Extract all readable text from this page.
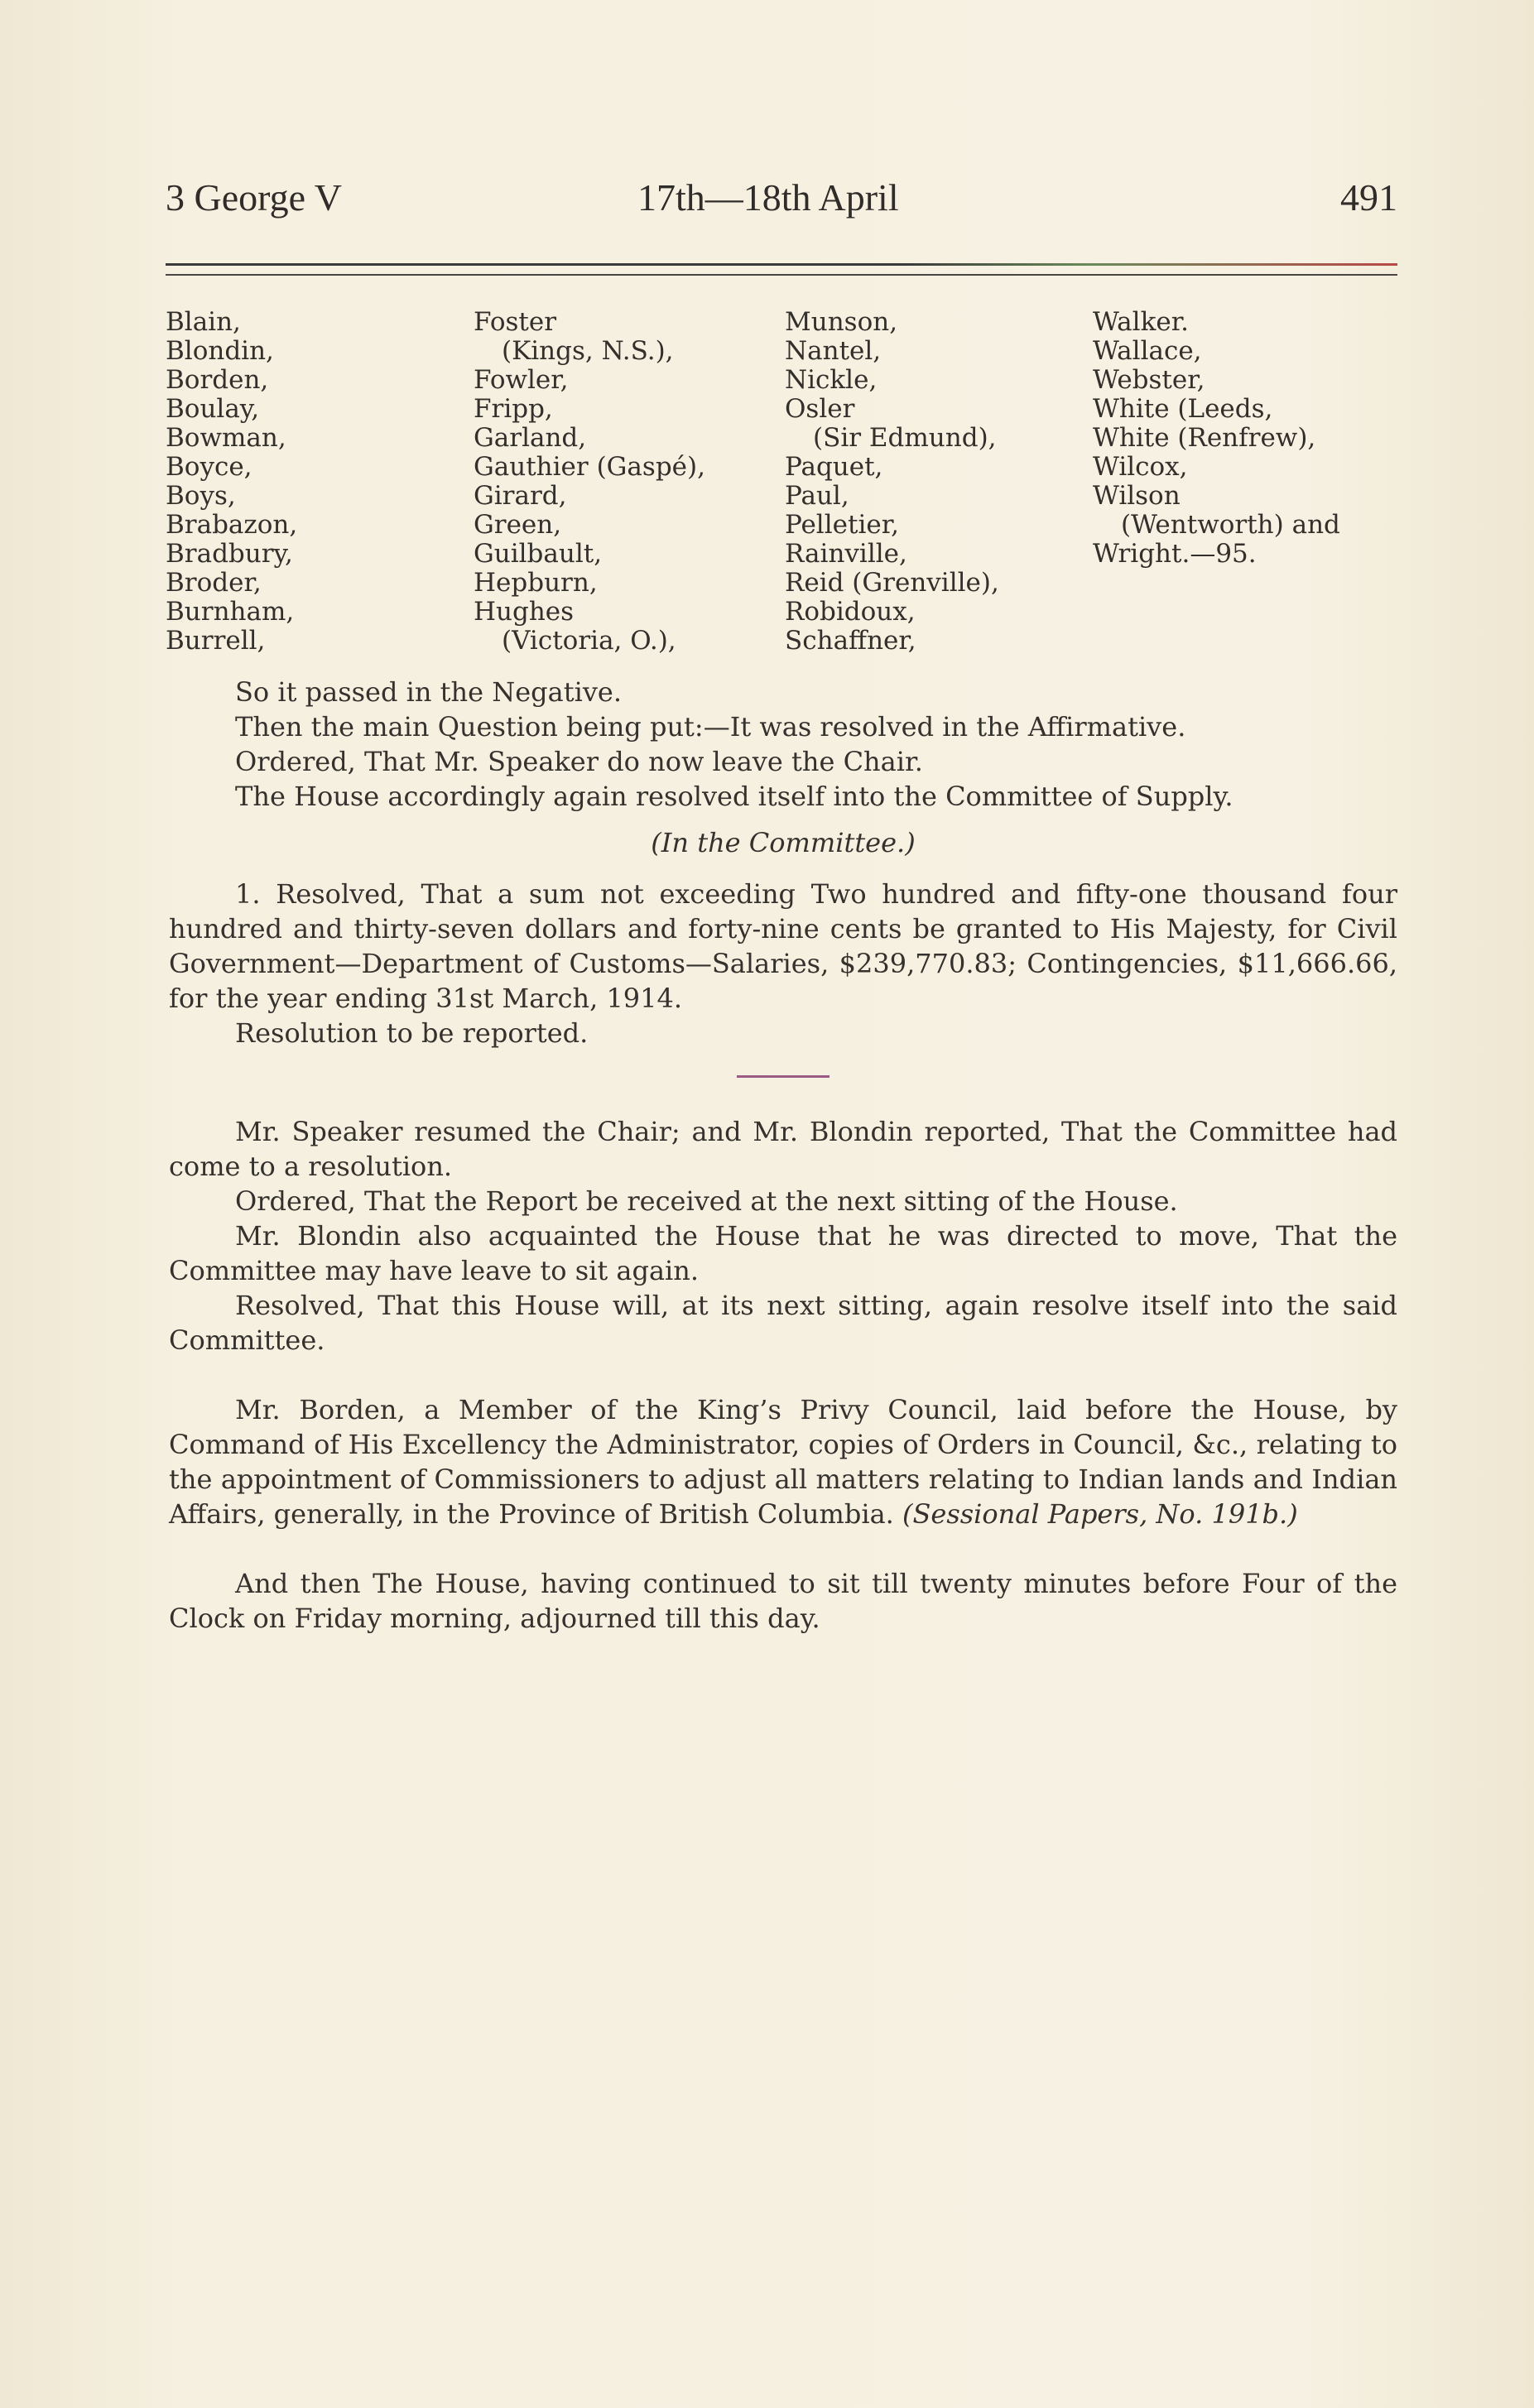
3 George V	17th—18th April	491
Blain,
Blondin,
Borden,
Boulay,
Bowman,
Boyce,
Boys,
Brabazon,
Bradbury,
Broder,
Burnham,
Burrell,
Foster
(Kings, N.S.),
Fowler,
Fripp,
Garland,
Gauthier (Gaspé),
Girard,
Green,
Guilbault,
Hepburn,
Hughes
(Victoria, O.),
Munson,
Nantel,
Nickle,
Osler
(Sir Edmund),
Paquet,
Paul,
Pelletier,
Rainville,
Reid (Grenville),
Robidoux,
Schaffner,
Walker.
Wallace,
Webster,
White (Leeds,
White (Renfrew),
Wilcox,
Wilson
(Wentworth) and
Wright.—95.

So it passed in the Negative.

Then the main Question being put:—It was resolved in the Affirmative.

Ordered, That Mr. Speaker do now leave the Chair.

The House accordingly again resolved itself into the Committee of Supply.

(In the Committee.)

1. Resolved, That a sum not exceeding Two hundred and fifty-one thousand four hundred and thirty-seven dollars and forty-nine cents be granted to His Majesty, for Civil Government—Department of Customs—Salaries, $239,770.83; Contingencies, $11,666.66, for the year ending 31st March, 1914.

Resolution to be reported.

Mr. Speaker resumed the Chair; and Mr. Blondin reported, That the Committee had come to a resolution.

Ordered, That the Report be received at the next sitting of the House.

Mr. Blondin also acquainted the House that he was directed to move, That the Committee may have leave to sit again.

Resolved, That this House will, at its next sitting, again resolve itself into the said Committee.

Mr. Borden, a Member of the King’s Privy Council, laid before the House, by Command of His Excellency the Administrator, copies of Orders in Council, &c., relating to the appointment of Commissioners to adjust all matters relating to Indian lands and Indian Affairs, generally, in the Province of British Columbia. (Sessional Papers, No. 191b.)

And then The House, having continued to sit till twenty minutes before Four of the Clock on Friday morning, adjourned till this day.
